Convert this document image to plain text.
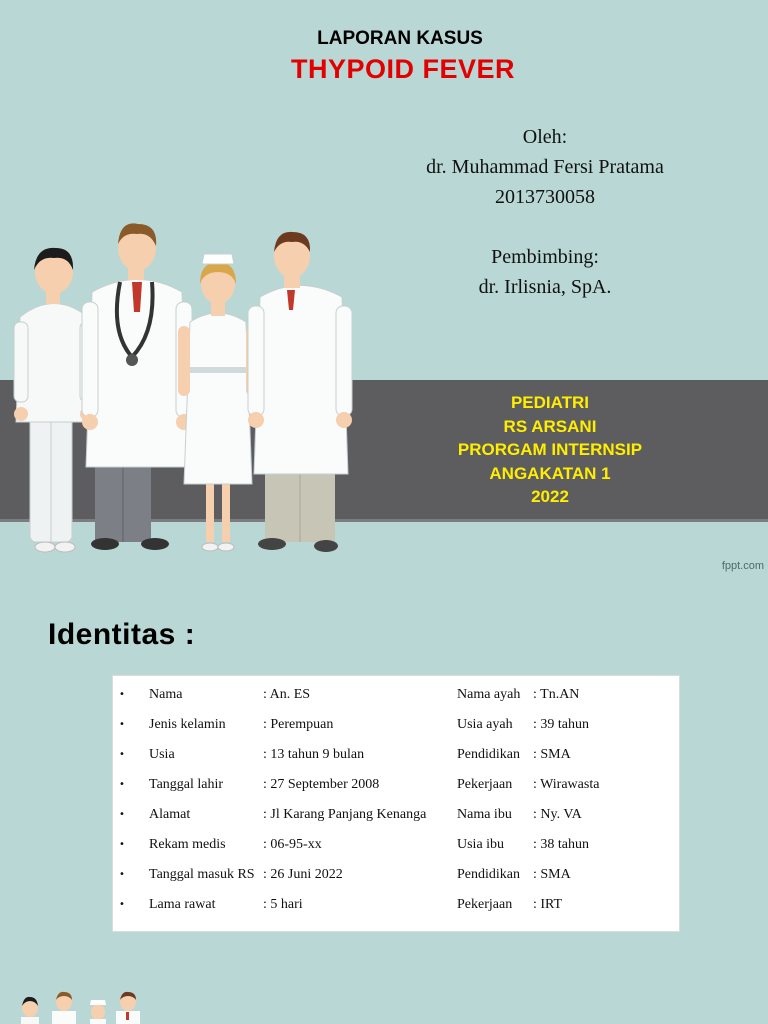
LAPORAN KASUS
THYPOID FEVER
Oleh:
dr. Muhammad Fersi Pratama
2013730058
Pembimbing:
dr. Irlisnia, SpA.
PEDIATRI
RS ARSANI
PRORGAM INTERNSIP
ANGAKATAN 1
2022
fppt.com
Identitas :
• Nama	: An. ES	Nama ayah : Tn.AN
• Jenis kelamin	: Perempuan	Usia ayah : 39 tahun
• Usia	: 13 tahun 9 bulan	Pendidikan : SMA
• Tanggal lahir	: 27 September 2008	Pekerjaan : Wirawasta
• Alamat	: Jl Karang Panjang Kenanga Nama ibu : Ny. VA
• Rekam medis	: 06-95-xx	Usia ibu : 38 tahun
• Tanggal masuk RS : 26 Juni 2022	Pendidikan : SMA
• Lama rawat	: 5 hari	Pekerjaan : IRT
